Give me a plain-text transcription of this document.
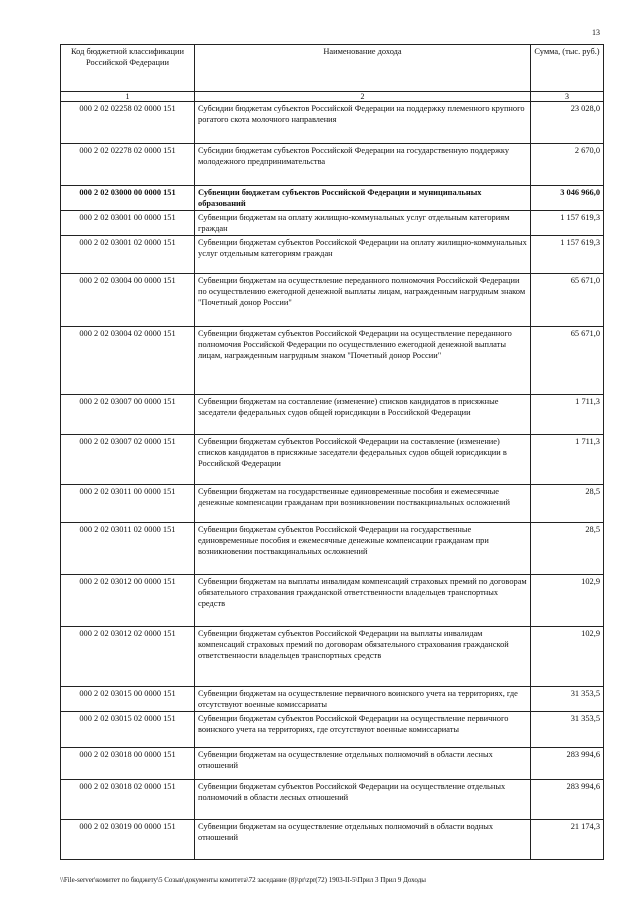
13
Код бюджетной классификации Российской Федерации	Наименование дохода	Сумма, (тыс. руб.)
1	2	3
000 2 02 02258 02 0000 151	Субсидии бюджетам субъектов Российской Федерации на поддержку племенного крупного рогатого скота молочного направления	23 028,0
000 2 02 02278 02 0000 151	Субсидии бюджетам субъектов Российской Федерации на государственную поддержку молодежного предпринимательства	2 670,0
000 2 02 03000 00 0000 151	Субвенции бюджетам субъектов Российской Федерации и муниципальных образований	3 046 966,0
000 2 02 03001 00 0000 151	Субвенции бюджетам на оплату жилищно-коммунальных услуг отдельным категориям граждан	1 157 619,3
000 2 02 03001 02 0000 151	Субвенции бюджетам субъектов Российской Федерации на оплату жилищно-коммунальных услуг отдельным категориям граждан	1 157 619,3
000 2 02 03004 00 0000 151	Субвенции бюджетам на осуществление переданного полномочия Российской Федерации по осуществлению ежегодной денежной выплаты лицам, награжденным нагрудным знаком "Почетный донор России"	65 671,0
000 2 02 03004 02 0000 151	Субвенции бюджетам субъектов Российской Федерации на осуществление переданного полномочия Российской Федерации по осуществлению ежегодной денежной выплаты лицам, награжденным нагрудным знаком "Почетный донор России"	65 671,0
000 2 02 03007 00 0000 151	Субвенции бюджетам на составление (изменение) списков кандидатов в присяжные заседатели федеральных судов общей юрисдикции в Российской Федерации	1 711,3
000 2 02 03007 02 0000 151	Субвенции бюджетам субъектов Российской Федерации на составление (изменение) списков кандидатов в присяжные заседатели федеральных судов общей юрисдикции в Российской Федерации	1 711,3
000 2 02 03011 00 0000 151	Субвенции бюджетам на государственные единовременные пособия и ежемесячные денежные компенсации гражданам при возникновении поствакцинальных осложнений	28,5
000 2 02 03011 02 0000 151	Субвенции бюджетам субъектов Российской Федерации на государственные единовременные пособия и ежемесячные денежные компенсации гражданам при возникновении поствакцинальных осложнений	28,5
000 2 02 03012 00 0000 151	Субвенции бюджетам на выплаты инвалидам компенсаций страховых премий по договорам обязательного страхования гражданской ответственности владельцев транспортных средств	102,9
000 2 02 03012 02 0000 151	Субвенции бюджетам субъектов Российской Федерации на выплаты инвалидам компенсаций страховых премий по договорам обязательного страхования гражданской ответственности владельцев транспортных средств	102,9
000 2 02 03015 00 0000 151	Субвенции бюджетам на осуществление первичного воинского учета на территориях, где отсутствуют военные комиссариаты	31 353,5
000 2 02 03015 02 0000 151	Субвенции бюджетам субъектов Российской Федерации на осуществление первичного воинского учета на территориях, где отсутствуют военные комиссариаты	31 353,5
000 2 02 03018 00 0000 151	Субвенции бюджетам на осуществление отдельных полномочий в области лесных отношений	283 994,6
000 2 02 03018 02 0000 151	Субвенции бюджетам субъектов Российской Федерации на осуществление отдельных полномочий в области лесных отношений	283 994,6
000 2 02 03019 00 0000 151	Субвенции бюджетам на осуществление отдельных полномочий в области водных отношений	21 174,3
\\File-server\комитет по бюджету\5 Созыв\документы комитета\72 заседание (8)\pr\zpr(72) 1903-II-5\Прил 3 Прил 9 Доходы
